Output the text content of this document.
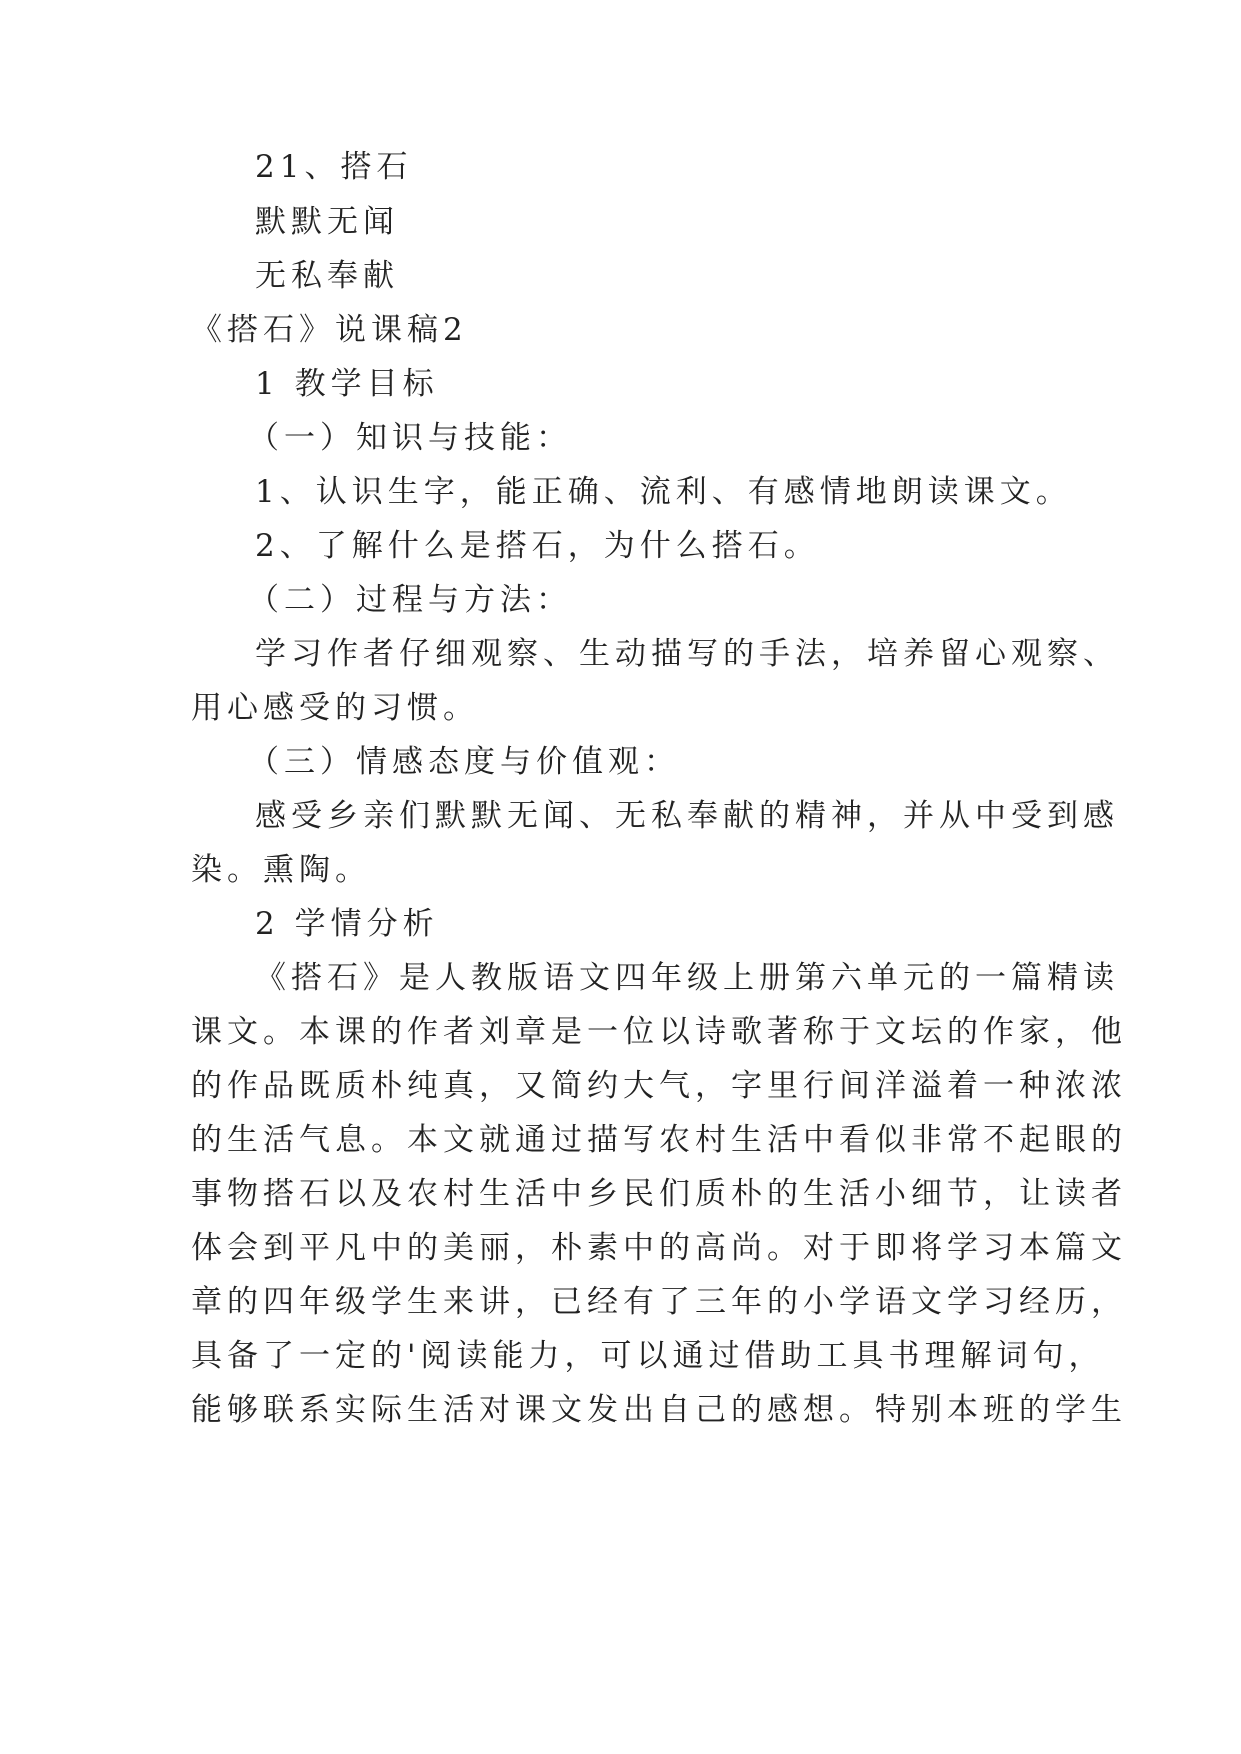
21、搭石
默默无闻
无私奉献
《搭石》说课稿2
1 教学目标
（一）知识与技能：
1、认识生字，能正确、流利、有感情地朗读课文。
2、了解什么是搭石，为什么搭石。
（二）过程与方法：
学习作者仔细观察、生动描写的手法，培养留心观察、
用心感受的习惯。
（三）情感态度与价值观：
感受乡亲们默默无闻、无私奉献的精神，并从中受到感
染。熏陶。
2 学情分析
《搭石》是人教版语文四年级上册第六单元的一篇精读
课文。本课的作者刘章是一位以诗歌著称于文坛的作家，他
的作品既质朴纯真，又简约大气，字里行间洋溢着一种浓浓
的生活气息。本文就通过描写农村生活中看似非常不起眼的
事物搭石以及农村生活中乡民们质朴的生活小细节，让读者
体会到平凡中的美丽，朴素中的高尚。对于即将学习本篇文
章的四年级学生来讲，已经有了三年的小学语文学习经历，
具备了一定的'阅读能力，可以通过借助工具书理解词句，
能够联系实际生活对课文发出自己的感想。特别本班的学生
